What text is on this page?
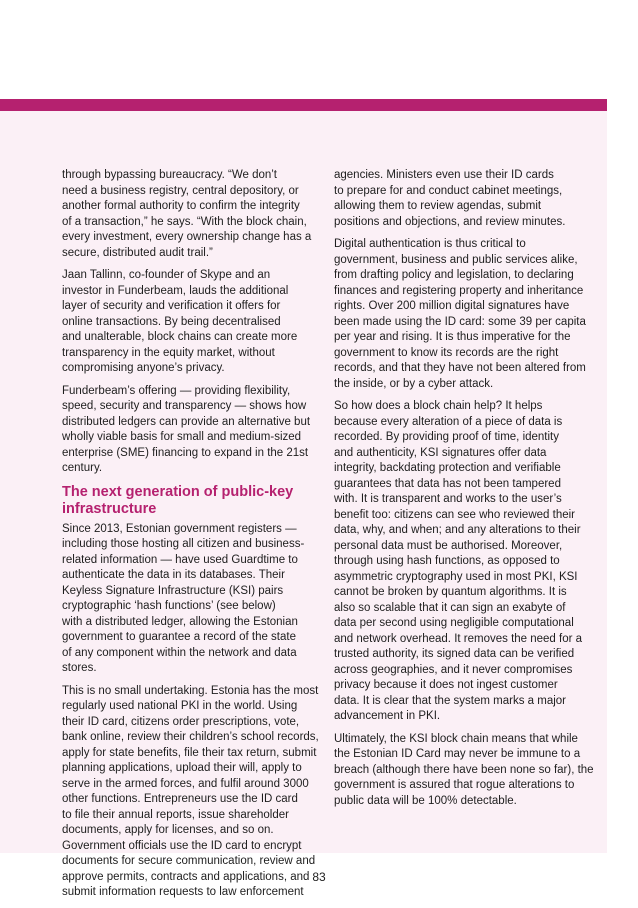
through bypassing bureaucracy. “We don’t
need a business registry, central depository, or
another formal authority to confirm the integrity
of a transaction,” he says. “With the block chain,
every investment, every ownership change has a
secure, distributed audit trail.”

Jaan Tallinn, co-founder of Skype and an
investor in Funderbeam, lauds the additional
layer of security and verification it offers for
online transactions. By being decentralised
and unalterable, block chains can create more
transparency in the equity market, without
compromising anyone’s privacy.

Funderbeam’s offering — providing flexibility,
speed, security and transparency — shows how
distributed ledgers can provide an alternative but
wholly viable basis for small and medium-sized
enterprise (SME) financing to expand in the 21st
century.

The next generation of public-key
infrastructure

Since 2013, Estonian government registers —
including those hosting all citizen and business-
related information — have used Guardtime to
authenticate the data in its databases. Their
Keyless Signature Infrastructure (KSI) pairs
cryptographic ‘hash functions’ (see below)
with a distributed ledger, allowing the Estonian
government to guarantee a record of the state
of any component within the network and data
stores.

This is no small undertaking. Estonia has the most
regularly used national PKI in the world. Using
their ID card, citizens order prescriptions, vote,
bank online, review their children’s school records,
apply for state benefits, file their tax return, submit
planning applications, upload their will, apply to
serve in the armed forces, and fulfil around 3000
other functions. Entrepreneurs use the ID card
to file their annual reports, issue shareholder
documents, apply for licenses, and so on.
Government officials use the ID card to encrypt
documents for secure communication, review and
approve permits, contracts and applications, and
submit information requests to law enforcement

agencies. Ministers even use their ID cards
to prepare for and conduct cabinet meetings,
allowing them to review agendas, submit
positions and objections, and review minutes.

Digital authentication is thus critical to
government, business and public services alike,
from drafting policy and legislation, to declaring
finances and registering property and inheritance
rights. Over 200 million digital signatures have
been made using the ID card: some 39 per capita
per year and rising. It is thus imperative for the
government to know its records are the right
records, and that they have not been altered from
the inside, or by a cyber attack.

So how does a block chain help? It helps
because every alteration of a piece of data is
recorded. By providing proof of time, identity
and authenticity, KSI signatures offer data
integrity, backdating protection and verifiable
guarantees that data has not been tampered
with. It is transparent and works to the user’s
benefit too: citizens can see who reviewed their
data, why, and when; and any alterations to their
personal data must be authorised. Moreover,
through using hash functions, as opposed to
asymmetric cryptography used in most PKI, KSI
cannot be broken by quantum algorithms. It is
also so scalable that it can sign an exabyte of
data per second using negligible computational
and network overhead. It removes the need for a
trusted authority, its signed data can be verified
across geographies, and it never compromises
privacy because it does not ingest customer
data. It is clear that the system marks a major
advancement in PKI.

Ultimately, the KSI block chain means that while
the Estonian ID Card may never be immune to a
breach (although there have been none so far), the
government is assured that rogue alterations to
public data will be 100% detectable.

83
